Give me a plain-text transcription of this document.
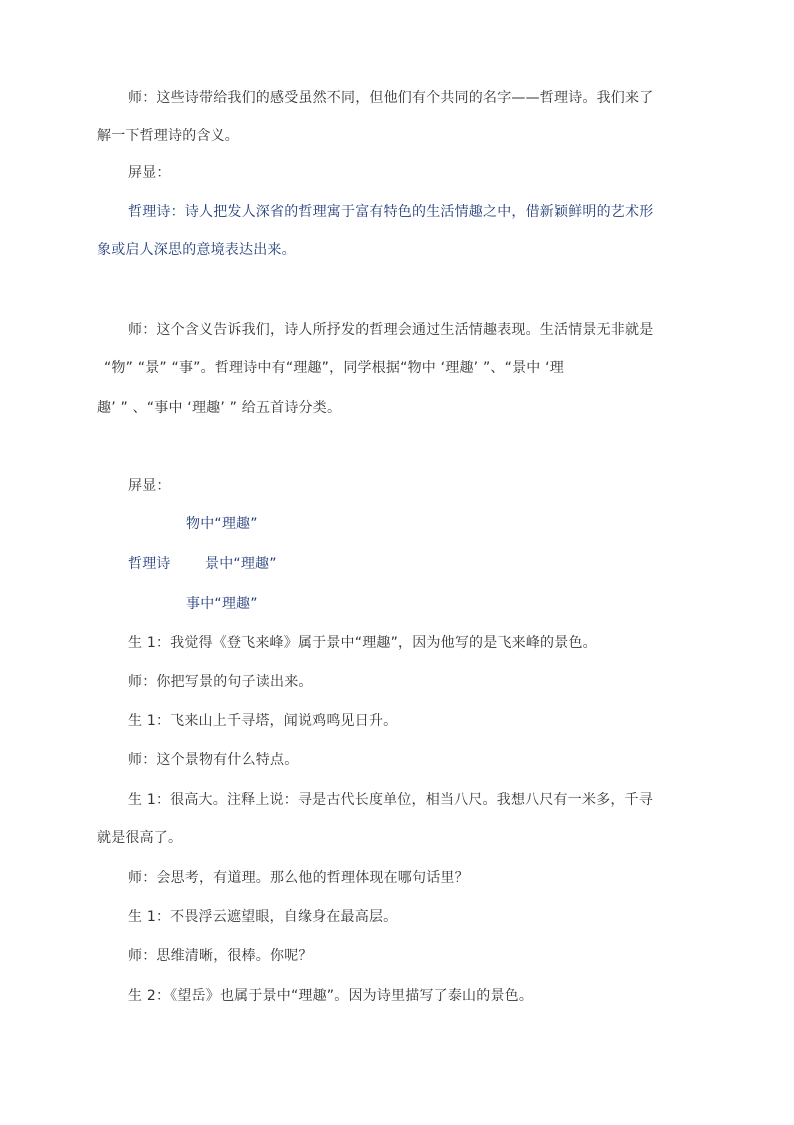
师：这些诗带给我们的感受虽然不同，但他们有个共同的名字——哲理诗。我们来了
解一下哲理诗的含义。
屏显：
哲理诗：诗人把发人深省的哲理寓于富有特色的生活情趣之中，借新颖鲜明的艺术形
象或启人深思的意境表达出来。
师：这个含义告诉我们，诗人所抒发的哲理会通过生活情趣表现。生活情景无非就是
“物” “景” “事”。哲理诗中有“理趣”，同学根据“物中 ‘理趣’ ”、“景中 ‘理
趣’ ” 、“事中 ‘理趣’ ” 给五首诗分类。
屏显：
物中“理趣”
哲理诗 景中“理趣”
事中“理趣”
生 1：我觉得《登飞来峰》属于景中“理趣”，因为他写的是飞来峰的景色。
师：你把写景的句子读出来。
生 1：飞来山上千寻塔，闻说鸡鸣见日升。
师：这个景物有什么特点。
生 1：很高大。注释上说：寻是古代长度单位，相当八尺。我想八尺有一米多，千寻
就是很高了。
师：会思考，有道理。那么他的哲理体现在哪句话里？
生 1：不畏浮云遮望眼，自缘身在最高层。
师：思维清晰，很棒。你呢？
生 2：《望岳》也属于景中“理趣”。因为诗里描写了泰山的景色。
